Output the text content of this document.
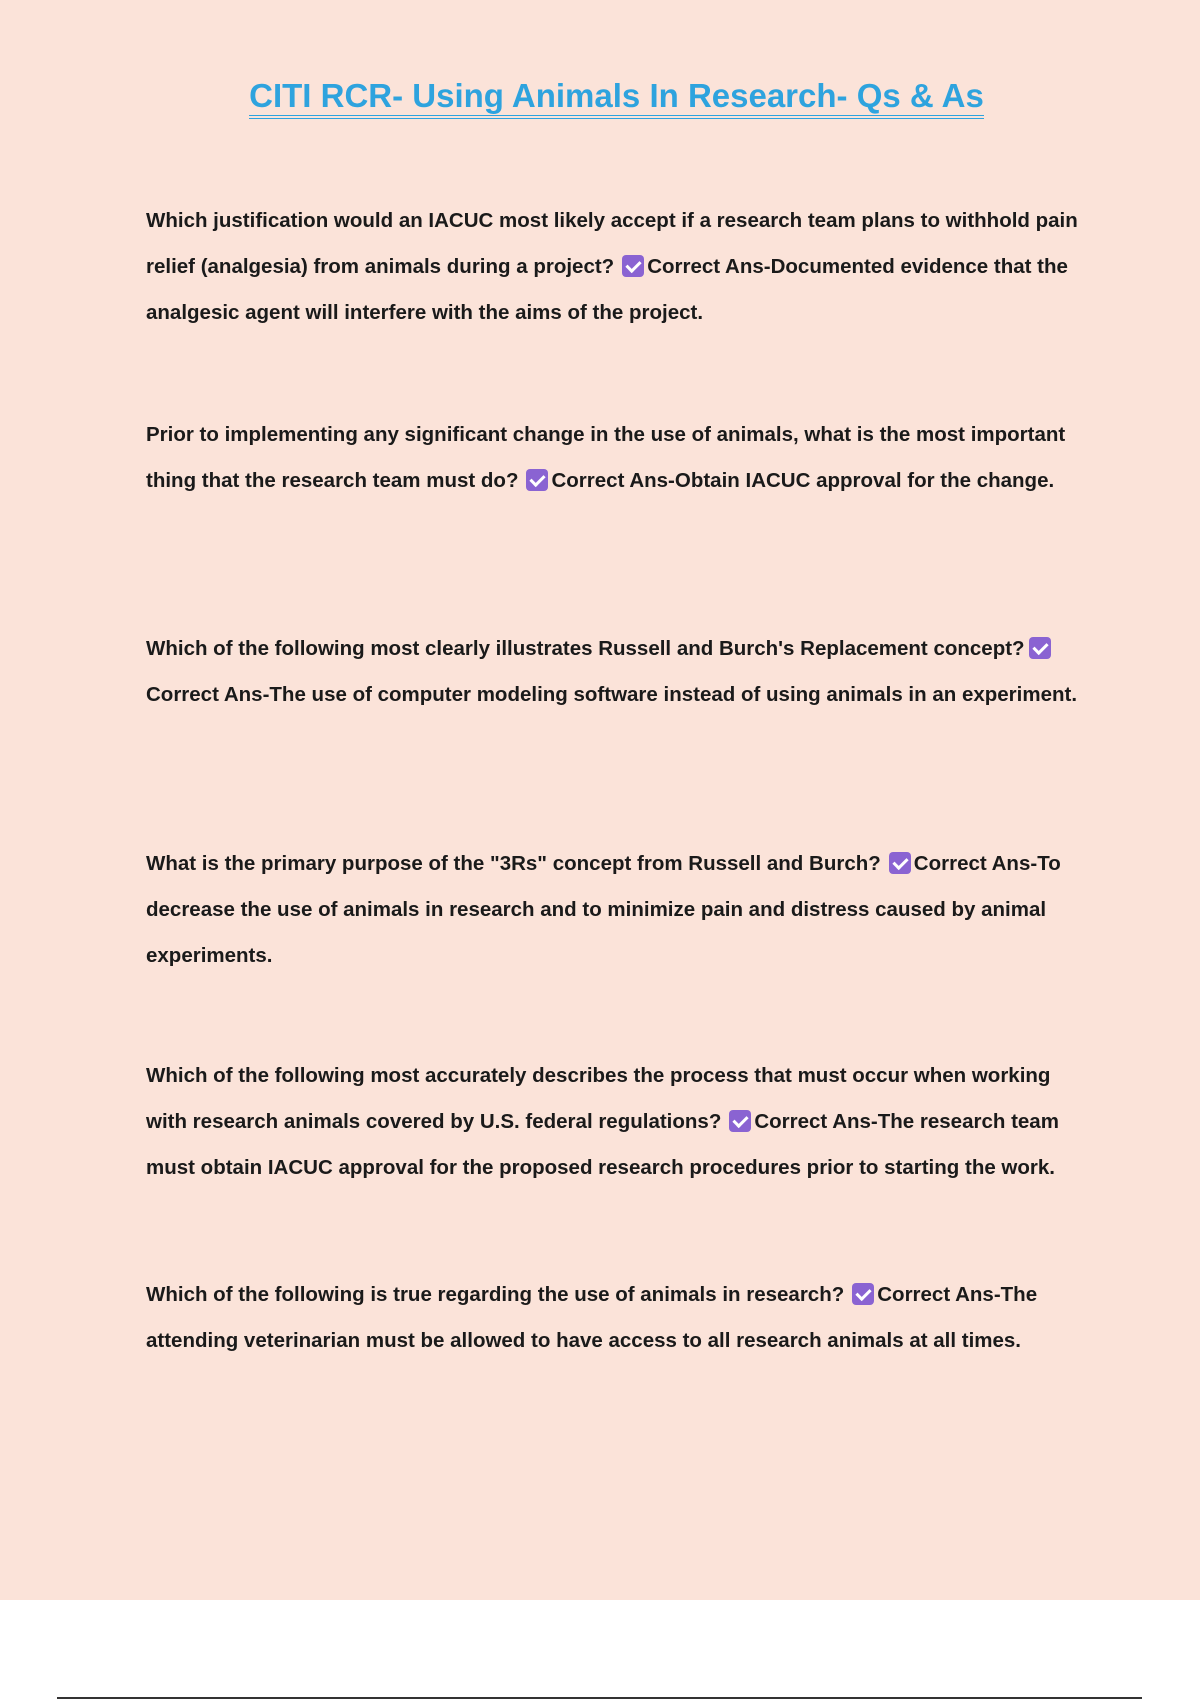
CITI RCR- Using Animals In Research- Qs & As

Which justification would an IACUC most likely accept if a research team plans to withhold pain relief (analgesia) from animals during a project? Correct Ans-Documented evidence that the analgesic agent will interfere with the aims of the project.

Prior to implementing any significant change in the use of animals, what is the most important thing that the research team must do? Correct Ans-Obtain IACUC approval for the change.

Which of the following most clearly illustrates Russell and Burch's Replacement concept?Correct Ans-The use of computer modeling software instead of using animals in an experiment.

What is the primary purpose of the "3Rs" concept from Russell and Burch? Correct Ans-To decrease the use of animals in research and to minimize pain and distress caused by animal experiments.

Which of the following most accurately describes the process that must occur when working with research animals covered by U.S. federal regulations? Correct Ans-The research team must obtain IACUC approval for the proposed research procedures prior to starting the work.

Which of the following is true regarding the use of animals in research? Correct Ans-The attending veterinarian must be allowed to have access to all research animals at all times.
